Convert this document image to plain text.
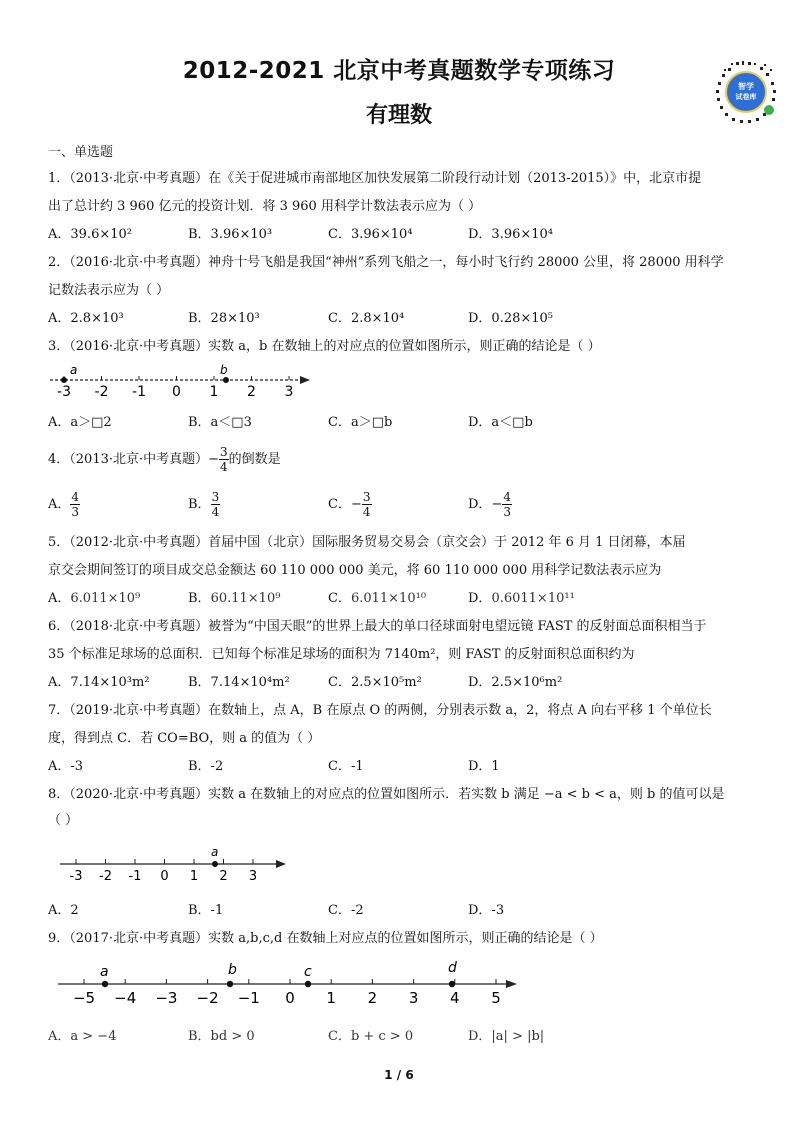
2012-2021 北京中考真题数学专项练习
有理数
智学
试卷库
一、单选题
1．（2013·北京·中考真题）在《关于促进城市南部地区加快发展第二阶段行动计划（2013-2015）》中，北京市提
出了总计约 3 960 亿元的投资计划．将 3 960 用科学计数法表示应为（ ）
A．39.6×10²	B．3.96×10³	C．3.96×10⁴	D．3.96×10⁴
2．（2016·北京·中考真题）神舟十号飞船是我国“神州”系列飞船之一，每小时飞行约 28000 公里，将 28000 用科学
记数法表示应为（ ）
A．2.8×10³	B．28×10³	C．2.8×10⁴	D．0.28×10⁵
3．（2016·北京·中考真题）实数 a，b 在数轴上的对应点的位置如图所示，则正确的结论是（ ）
-3 -2 -1 0 1 2 3
a	b
A．a＞□2	B．a＜□3	C．a＞□b	D．a＜□b
4．（2013·北京·中考真题）− $\frac{3}{4}$ 的倒数是
A． $\frac{4}{3}$	B． $\frac{3}{4}$	C．− $\frac{3}{4}$	D．− $\frac{4}{3}$
5．（2012·北京·中考真题）首届中国（北京）国际服务贸易交易会（京交会）于 2012 年 6 月 1 日闭幕，本届
京交会期间签订的项目成交总金额达 60 110 000 000 美元，将 60 110 000 000 用科学记数法表示应为
A．6.011×10⁹	B．60.11×10⁹	C．6.011×10¹⁰	D．0.6011×10¹¹
6．（2018·北京·中考真题）被誉为“中国天眼”的世界上最大的单口径球面射电望远镜 FAST 的反射面总面积相当于
35 个标准足球场的总面积．已知每个标准足球场的面积为 7140m²，则 FAST 的反射面积总面积约为
A．7.14×10³m²	B．7.14×10⁴m²	C．2.5×10⁵m²	D．2.5×10⁶m²
7．（2019·北京·中考真题）在数轴上，点 A，B 在原点 O 的两侧，分别表示数 a，2，将点 A 向右平移 1 个单位长
度，得到点 C．若 CO=BO，则 a 的值为（ ）
A．-3	B．-2	C．-1	D．1
8．（2020·北京·中考真题）实数 a 在数轴上的对应点的位置如图所示．若实数 b 满足 −a < b < a，则 b 的值可以是
（ ）
-3 -2 -1 0 1 2 3
a
A．2	B．-1	C．-2	D．-3
9．（2017·北京·中考真题）实数 a,b,c,d 在数轴上对应点的位置如图所示，则正确的结论是（ ）
−5 −4 −3 −2 −1 0 1 2 3 4 5
a	b	c	d
A．a > −4	B．bd > 0	C．b + c > 0	D．|a| > |b|
1 / 6
